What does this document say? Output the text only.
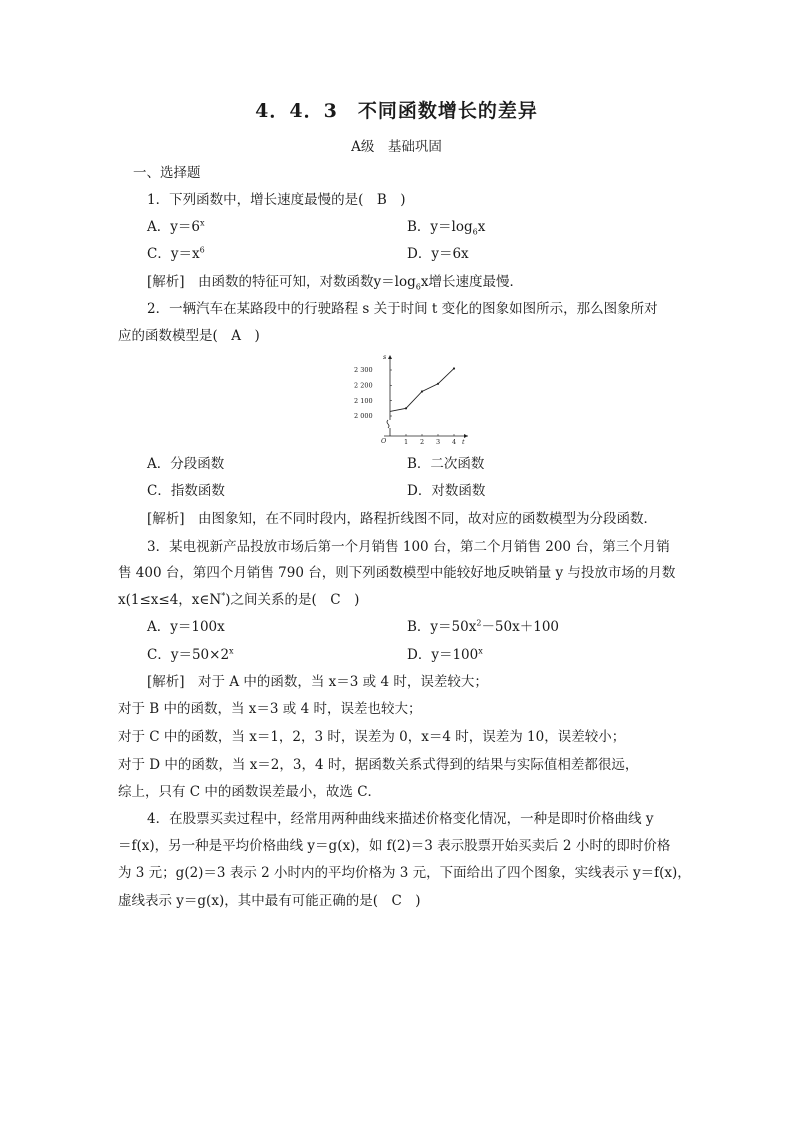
4．4．3　不同函数增长的差异
A级　基础巩固
一、选择题
1．下列函数中，增长速度最慢的是(　B　)
A．$y=6^x$	B．$y=\log_6x$
C．$y=x^6$	D．y＝6x
[解析]　由函数的特征可知，对数函数$y=\log_6x$增长速度最慢．
2．一辆汽车在某路段中的行驶路程 s 关于时间 t 变化的图象如图所示，那么图象所对
应的函数模型是(　A　)
s
t
O	1 2 3 4
2 000
2 100
2 200
2 300
A．分段函数	B．二次函数
C．指数函数	D．对数函数
[解析]　由图象知，在不同时段内，路程折线图不同，故对应的函数模型为分段函数．
3．某电视新产品投放市场后第一个月销售 100 台，第二个月销售 200 台，第三个月销
售 400 台，第四个月销售 790 台，则下列函数模型中能较好地反映销量 y 与投放市场的月数
x(1≤x≤4，x∈N*)之间关系的是(　C　)
A．y＝100x	B．$y=50x^2-50x+100$
C．$y=50\times 2^x$	D．$y=100^x$
[解析]　对于 A 中的函数，当 x＝3 或 4 时，误差较大；
对于 B 中的函数，当 x＝3 或 4 时，误差也较大；
对于 C 中的函数，当 x＝1，2，3 时，误差为 0，x＝4 时，误差为 10，误差较小；
对于 D 中的函数，当 x＝2，3，4 时，据函数关系式得到的结果与实际值相差都很远，
综上，只有 C 中的函数误差最小，故选 C．
4．在股票买卖过程中，经常用两种曲线来描述价格变化情况，一种是即时价格曲线 y
＝f(x)，另一种是平均价格曲线 y＝g(x)，如 f(2)＝3 表示股票开始买卖后 2 小时的即时价格
为 3 元；g(2)＝3 表示 2 小时内的平均价格为 3 元，下面给出了四个图象，实线表示 y＝f(x)，
虚线表示 y＝g(x)，其中最有可能正确的是(　C　)
